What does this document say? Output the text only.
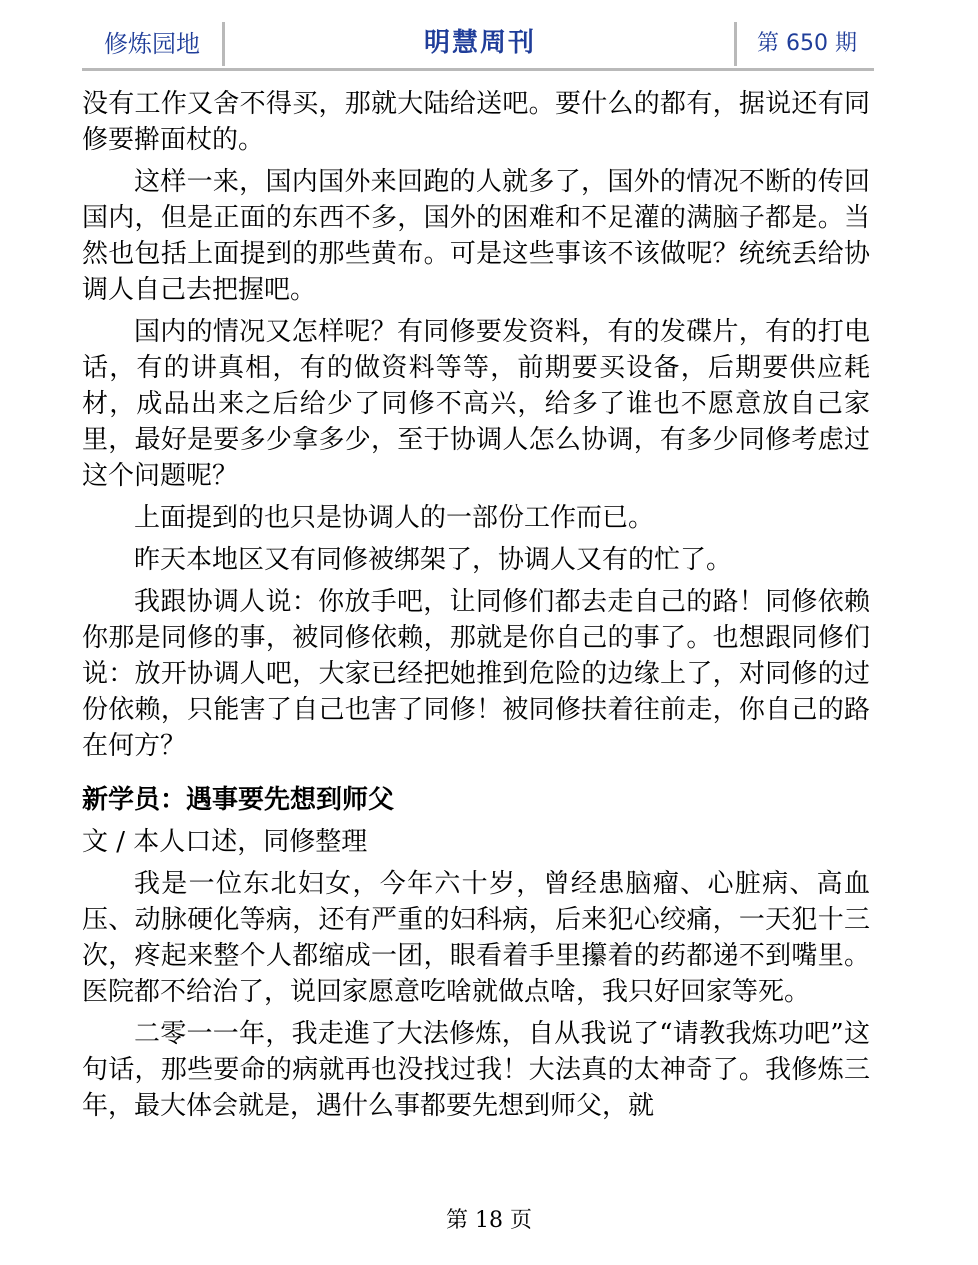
修炼园地	明慧周刊	第 650 期

没有工作又舍不得买，那就大陆给送吧。要什么的都有，据说还有同修要擀面杖的。

这样一来，国内国外来回跑的人就多了，国外的情况不断的传回国内，但是正面的东西不多，国外的困难和不足灌的满脑子都是。当然也包括上面提到的那些黄布。可是这些事该不该做呢？统统丢给协调人自己去把握吧。

国内的情况又怎样呢？有同修要发资料，有的发碟片，有的打电话，有的讲真相，有的做资料等等，前期要买设备，后期要供应耗材，成品出来之后给少了同修不高兴，给多了谁也不愿意放自己家里，最好是要多少拿多少，至于协调人怎么协调，有多少同修考虑过这个问题呢？

上面提到的也只是协调人的一部份工作而已。

昨天本地区又有同修被绑架了，协调人又有的忙了。

我跟协调人说：你放手吧，让同修们都去走自己的路！同修依赖你那是同修的事，被同修依赖，那就是你自己的事了。也想跟同修们说：放开协调人吧，大家已经把她推到危险的边缘上了，对同修的过份依赖，只能害了自己也害了同修！被同修扶着往前走，你自己的路在何方？

新学员：遇事要先想到师父

文 / 本人口述，同修整理

我是一位东北妇女，今年六十岁，曾经患脑瘤、心脏病、高血压、动脉硬化等病，还有严重的妇科病，后来犯心绞痛，一天犯十三次，疼起来整个人都缩成一团，眼看着手里攥着的药都递不到嘴里。医院都不给治了，说回家愿意吃啥就做点啥，我只好回家等死。

二零一一年，我走進了大法修炼，自从我说了“请教我炼功吧”这句话，那些要命的病就再也没找过我！大法真的太神奇了。我修炼三年，最大体会就是，遇什么事都要先想到师父，就

第 18 页
